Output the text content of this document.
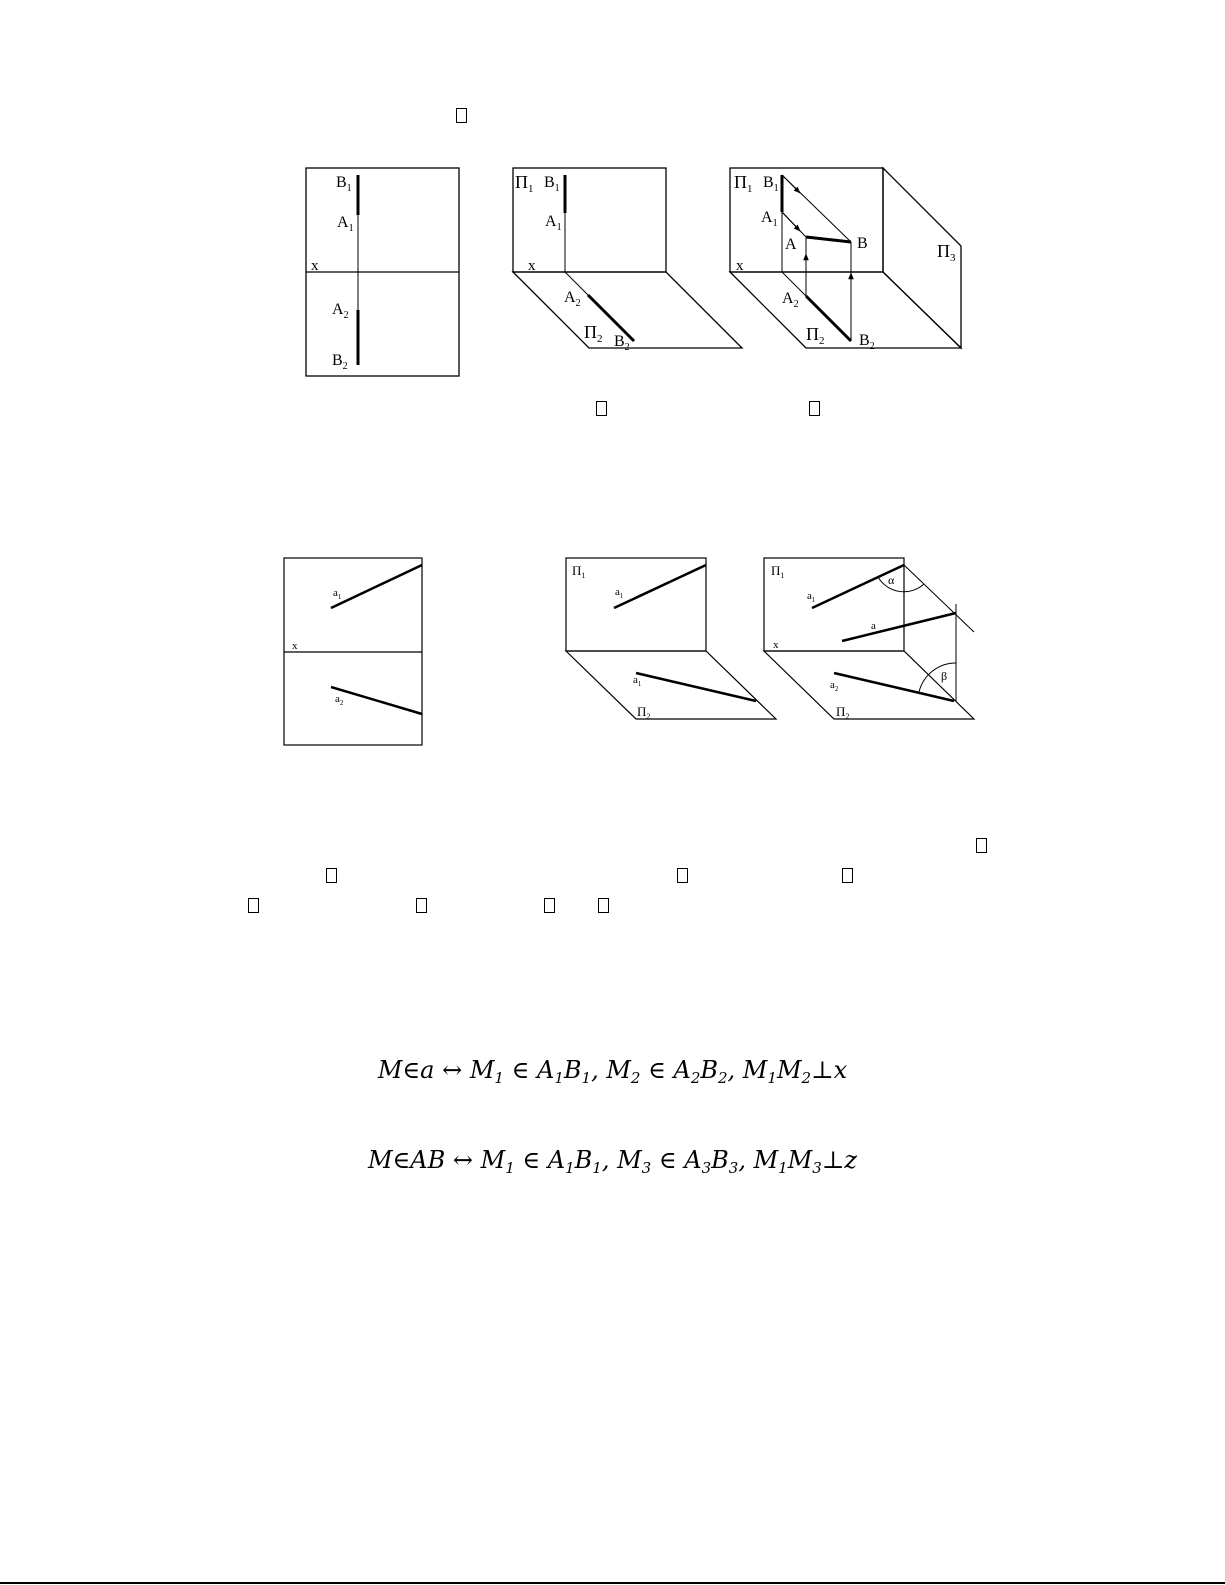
$B_1$
$A_1$
x
$A_2$
$B_2$
$\Pi_1$ $B_1$
$A_1$
x
$A_2$
$\Pi_2$ $B_2$
$\Pi_1$ $B_1$
$A_1$
A	B
x
$\Pi_3$
$A_2$
$\Pi_2$ $B_2$
$a_1$
x
$a_2$
$\Pi_1$
$a_1$
$a_1$
$\Pi_2$
$\Pi_1$
$a_1$
α
a
x
$a_2$
β
$\Pi_2$
M∈a ↔ $M_1$ ∈ $A_1B_1$, $M_2$ ∈ $A_2B_2$, $M_1M_2\perp x$
M∈AB ↔ $M_1$ ∈ $A_1B_1$, $M_3$ ∈ $A_3B_3$, $M_1M_3\perp z$
